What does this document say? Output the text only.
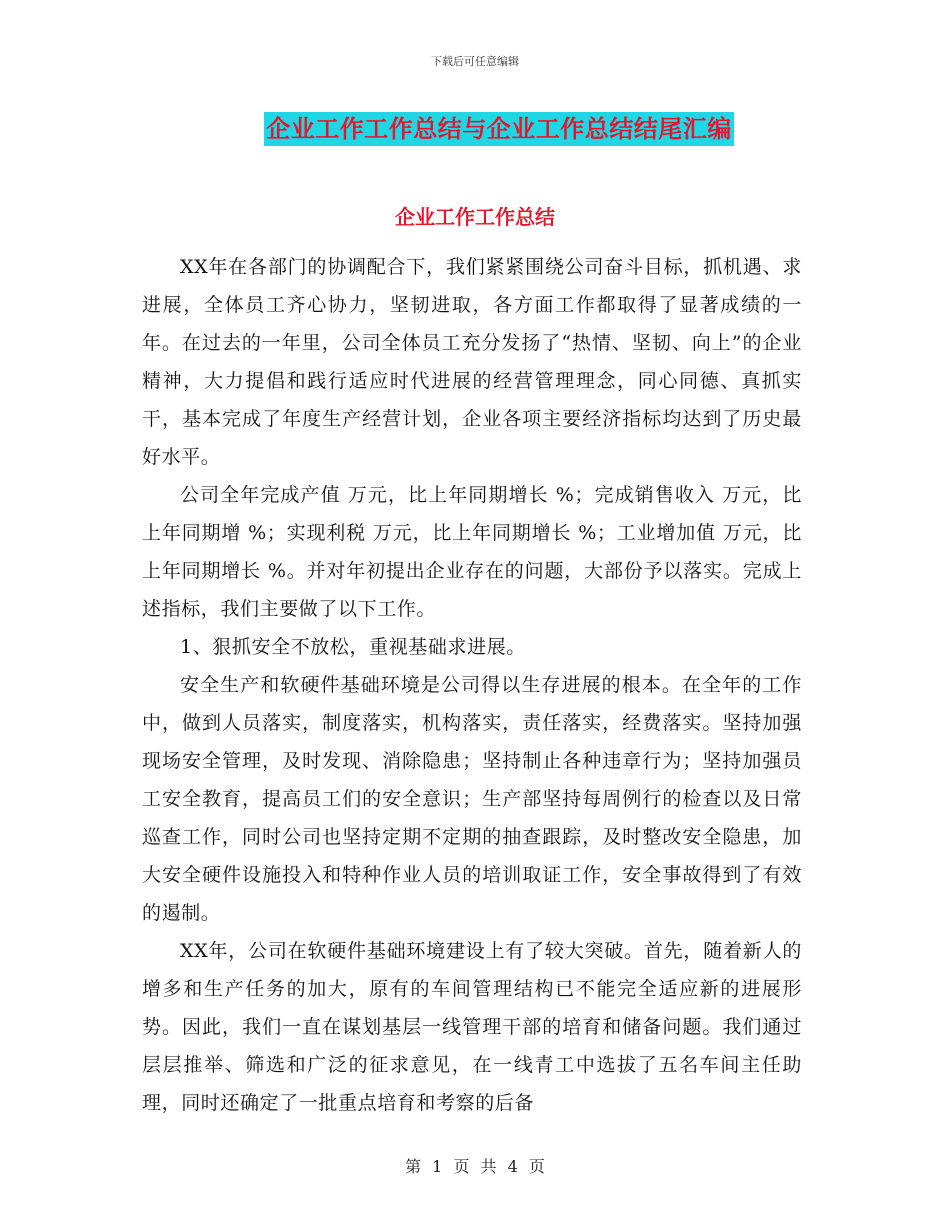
下载后可任意编辑
企业工作工作总结与企业工作总结结尾汇编
企业工作工作总结

XX年在各部门的协调配合下，我们紧紧围绕公司奋斗目标，抓机遇、求进展，全体员工齐心协力，坚韧进取，各方面工作都取得了显著成绩的一年。在过去的一年里，公司全体员工充分发扬了“热情、坚韧、向上”的企业精神，大力提倡和践行适应时代进展的经营管理理念，同心同德、真抓实干，基本完成了年度生产经营计划，企业各项主要经济指标均达到了历史最好水平。

公司全年完成产值 万元，比上年同期增长 %；完成销售收入 万元，比上年同期增 %；实现利税 万元，比上年同期增长 %；工业增加值 万元，比上年同期增长 %。并对年初提出企业存在的问题，大部份予以落实。完成上述指标，我们主要做了以下工作。

1、狠抓安全不放松，重视基础求进展。

安全生产和软硬件基础环境是公司得以生存进展的根本。在全年的工作中，做到人员落实，制度落实，机构落实，责任落实，经费落实。坚持加强现场安全管理，及时发现、消除隐患；坚持制止各种违章行为；坚持加强员工安全教育，提高员工们的安全意识；生产部坚持每周例行的检查以及日常巡查工作，同时公司也坚持定期不定期的抽查跟踪，及时整改安全隐患，加大安全硬件设施投入和特种作业人员的培训取证工作，安全事故得到了有效的遏制。

XX年，公司在软硬件基础环境建设上有了较大突破。首先，随着新人的增多和生产任务的加大，原有的车间管理结构已不能完全适应新的进展形势。因此，我们一直在谋划基层一线管理干部的培育和储备问题。我们通过层层推举、筛选和广泛的征求意见，在一线青工中选拔了五名车间主任助理，同时还确定了一批重点培育和考察的后备

第 1 页 共 4 页
